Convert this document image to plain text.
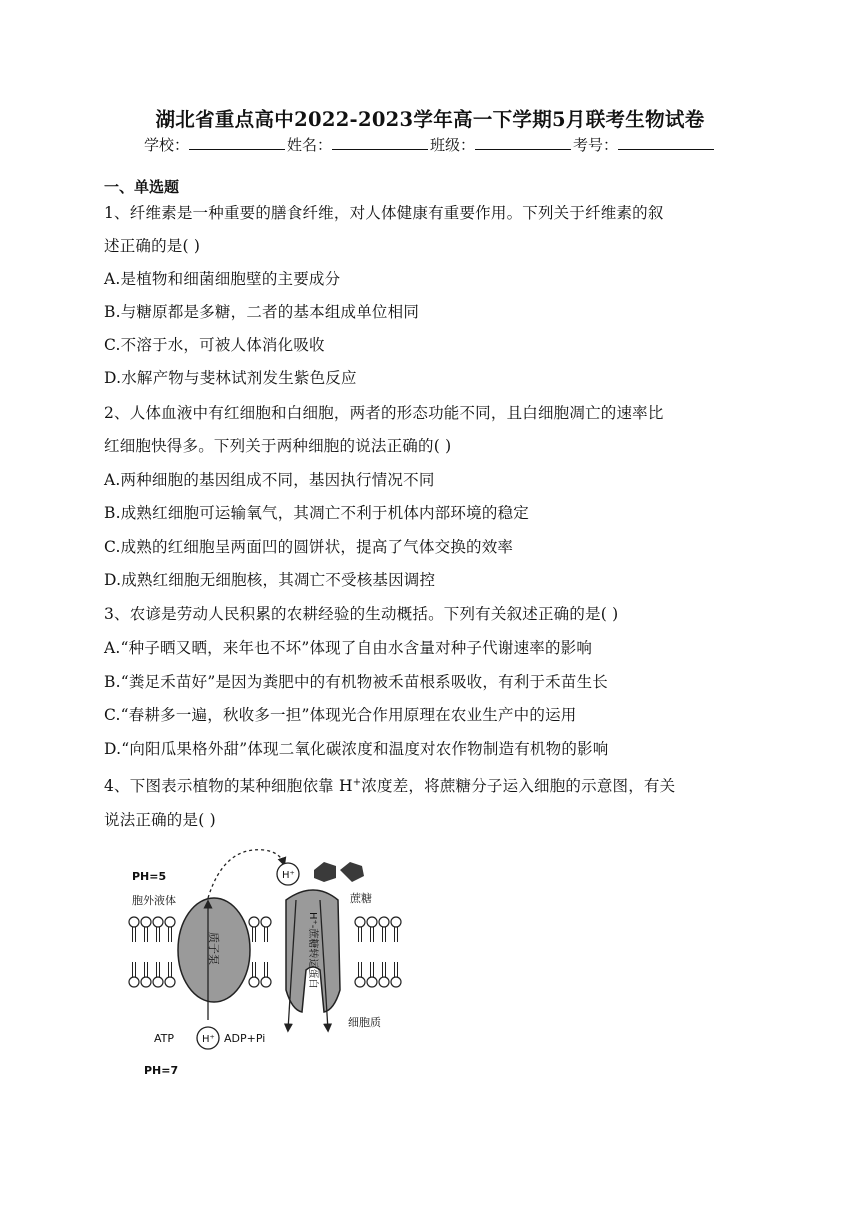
湖北省重点高中2022-2023学年高一下学期5月联考生物试卷
学校：	姓名：	班级：	考号：
一、单选题
1、纤维素是一种重要的膳食纤维，对人体健康有重要作用。下列关于纤维素的叙
述正确的是( )
A.是植物和细菌细胞壁的主要成分
B.与糖原都是多糖，二者的基本组成单位相同
C.不溶于水，可被人体消化吸收
D.水解产物与斐林试剂发生紫色反应
2、人体血液中有红细胞和白细胞，两者的形态功能不同，且白细胞凋亡的速率比
红细胞快得多。下列关于两种细胞的说法正确的( )
A.两种细胞的基因组成不同，基因执行情况不同
B.成熟红细胞可运输氧气，其凋亡不利于机体内部环境的稳定
C.成熟的红细胞呈两面凹的圆饼状，提高了气体交换的效率
D.成熟红细胞无细胞核，其凋亡不受核基因调控
3、农谚是劳动人民积累的农耕经验的生动概括。下列有关叙述正确的是( )
A.“种子晒又晒，来年也不坏”体现了自由水含量对种子代谢速率的影响
B.“粪足禾苗好”是因为粪肥中的有机物被禾苗根系吸收，有利于禾苗生长
C.“春耕多一遍，秋收多一担”体现光合作用原理在农业生产中的运用
D.“向阳瓜果格外甜”体现二氧化碳浓度和温度对农作物制造有机物的影响
4、下图表示植物的某种细胞依靠 H+浓度差，将蔗糖分子运入细胞的示意图，有关
说法正确的是( )
质子泵	H⁺-蔗糖转运蛋白
H⁺
H⁺
蔗糖
PH=5
胞外液体
细胞质
ATP	ADP+Pi
PH=7
